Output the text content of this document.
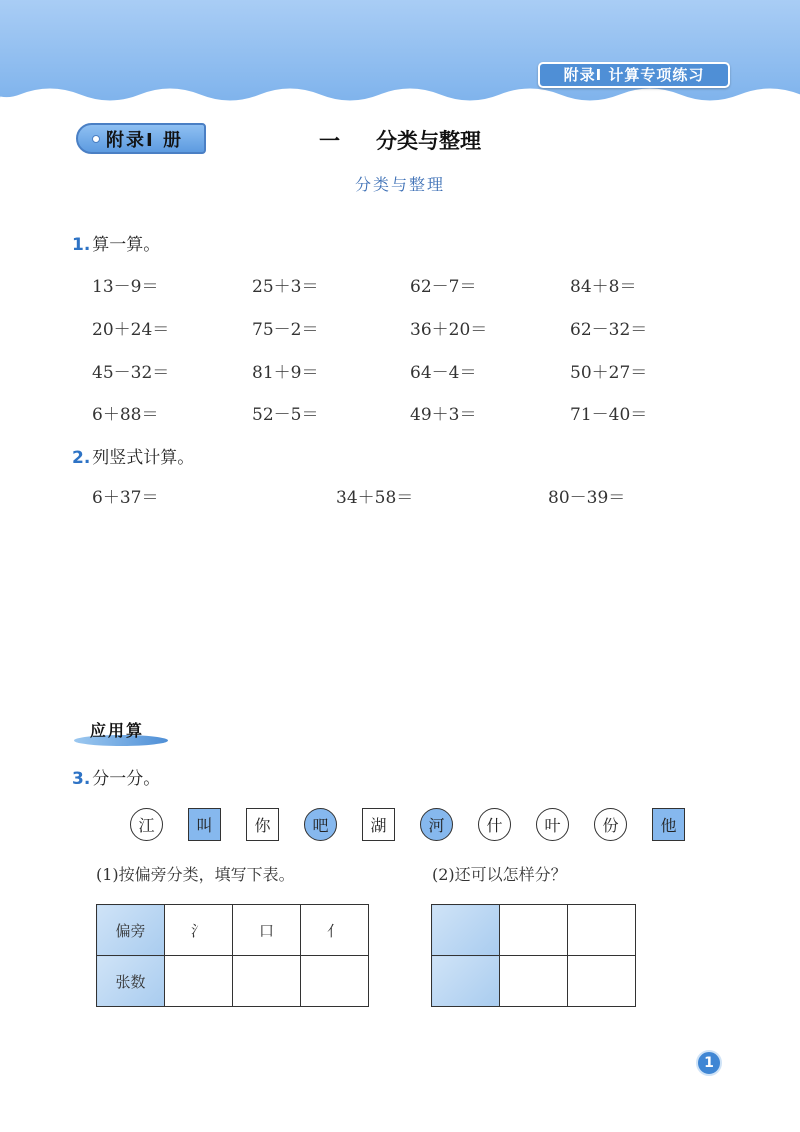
附录Ⅰ 计算专项练习
附录Ⅰ 册	一 分类与整理
分类与整理
1. 算一算。
13－9＝	25＋3＝	62－7＝	84＋8＝
20＋24＝	75－2＝	36＋20＝	62－32＝
45－32＝	81＋9＝	64－4＝	50＋27＝
6＋88＝	52－5＝	49＋3＝	71－40＝
2. 列竖式计算。
6＋37＝	34＋58＝	80－39＝
应用算
3. 分一分。
江	叫	你	吧	湖	河	什	叶	份	他
(1)按偏旁分类，填写下表。	(2)还可以怎样分？
偏旁	氵	口	亻
张数			

1
